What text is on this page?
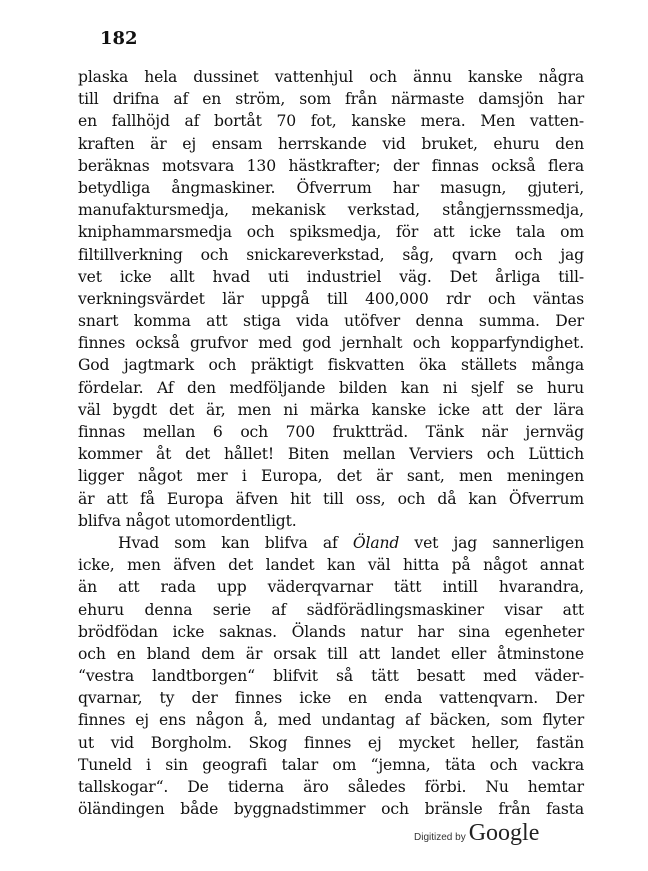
182
plaska hela dussinet vattenhjul och ännu kanske några
till drifna af en ström, som från närmaste damsjön har
en fallhöjd af bortåt 70 fot, kanske mera. Men vatten-
kraften är ej ensam herrskande vid bruket, ehuru den
beräknas motsvara 130 hästkrafter; der finnas också flera
betydliga ångmaskiner. Öfverrum har masugn, gjuteri,
manufaktursmedja, mekanisk verkstad, stångjernssmedja,
kniphammarsmedja och spiksmedja, för att icke tala om
filtillverkning och snickareverkstad, såg, qvarn och jag
vet icke allt hvad uti industriel väg. Det årliga till-
verkningsvärdet lär uppgå till 400,000 rdr och väntas
snart komma att stiga vida utöfver denna summa. Der
finnes också grufvor med god jernhalt och kopparfyndighet.
God jagtmark och präktigt fiskvatten öka ställets många
fördelar. Af den medföljande bilden kan ni sjelf se huru
väl bygdt det är, men ni märka kanske icke att der lära
finnas mellan 6 och 700 fruktträd. Tänk när jernväg
kommer åt det hållet! Biten mellan Verviers och Lüttich
ligger något mer i Europa, det är sant, men meningen
är att få Europa äfven hit till oss, och då kan Öfverrum
blifva något utomordentligt.
Hvad som kan blifva af Öland vet jag sannerligen
icke, men äfven det landet kan väl hitta på något annat
än att rada upp väderqvarnar tätt intill hvarandra,
ehuru denna serie af sädförädlingsmaskiner visar att
brödfödan icke saknas. Ölands natur har sina egenheter
och en bland dem är orsak till att landet eller åtminstone
“vestra landtborgen“ blifvit så tätt besatt med väder-
qvarnar, ty der finnes icke en enda vattenqvarn. Der
finnes ej ens någon å, med undantag af bäcken, som flyter
ut vid Borgholm. Skog finnes ej mycket heller, fastän
Tuneld i sin geografi talar om “jemna, täta och vackra
tallskogar“. De tiderna äro således förbi. Nu hemtar
öländingen både byggnadstimmer och bränsle från fasta
Digitized by Google
